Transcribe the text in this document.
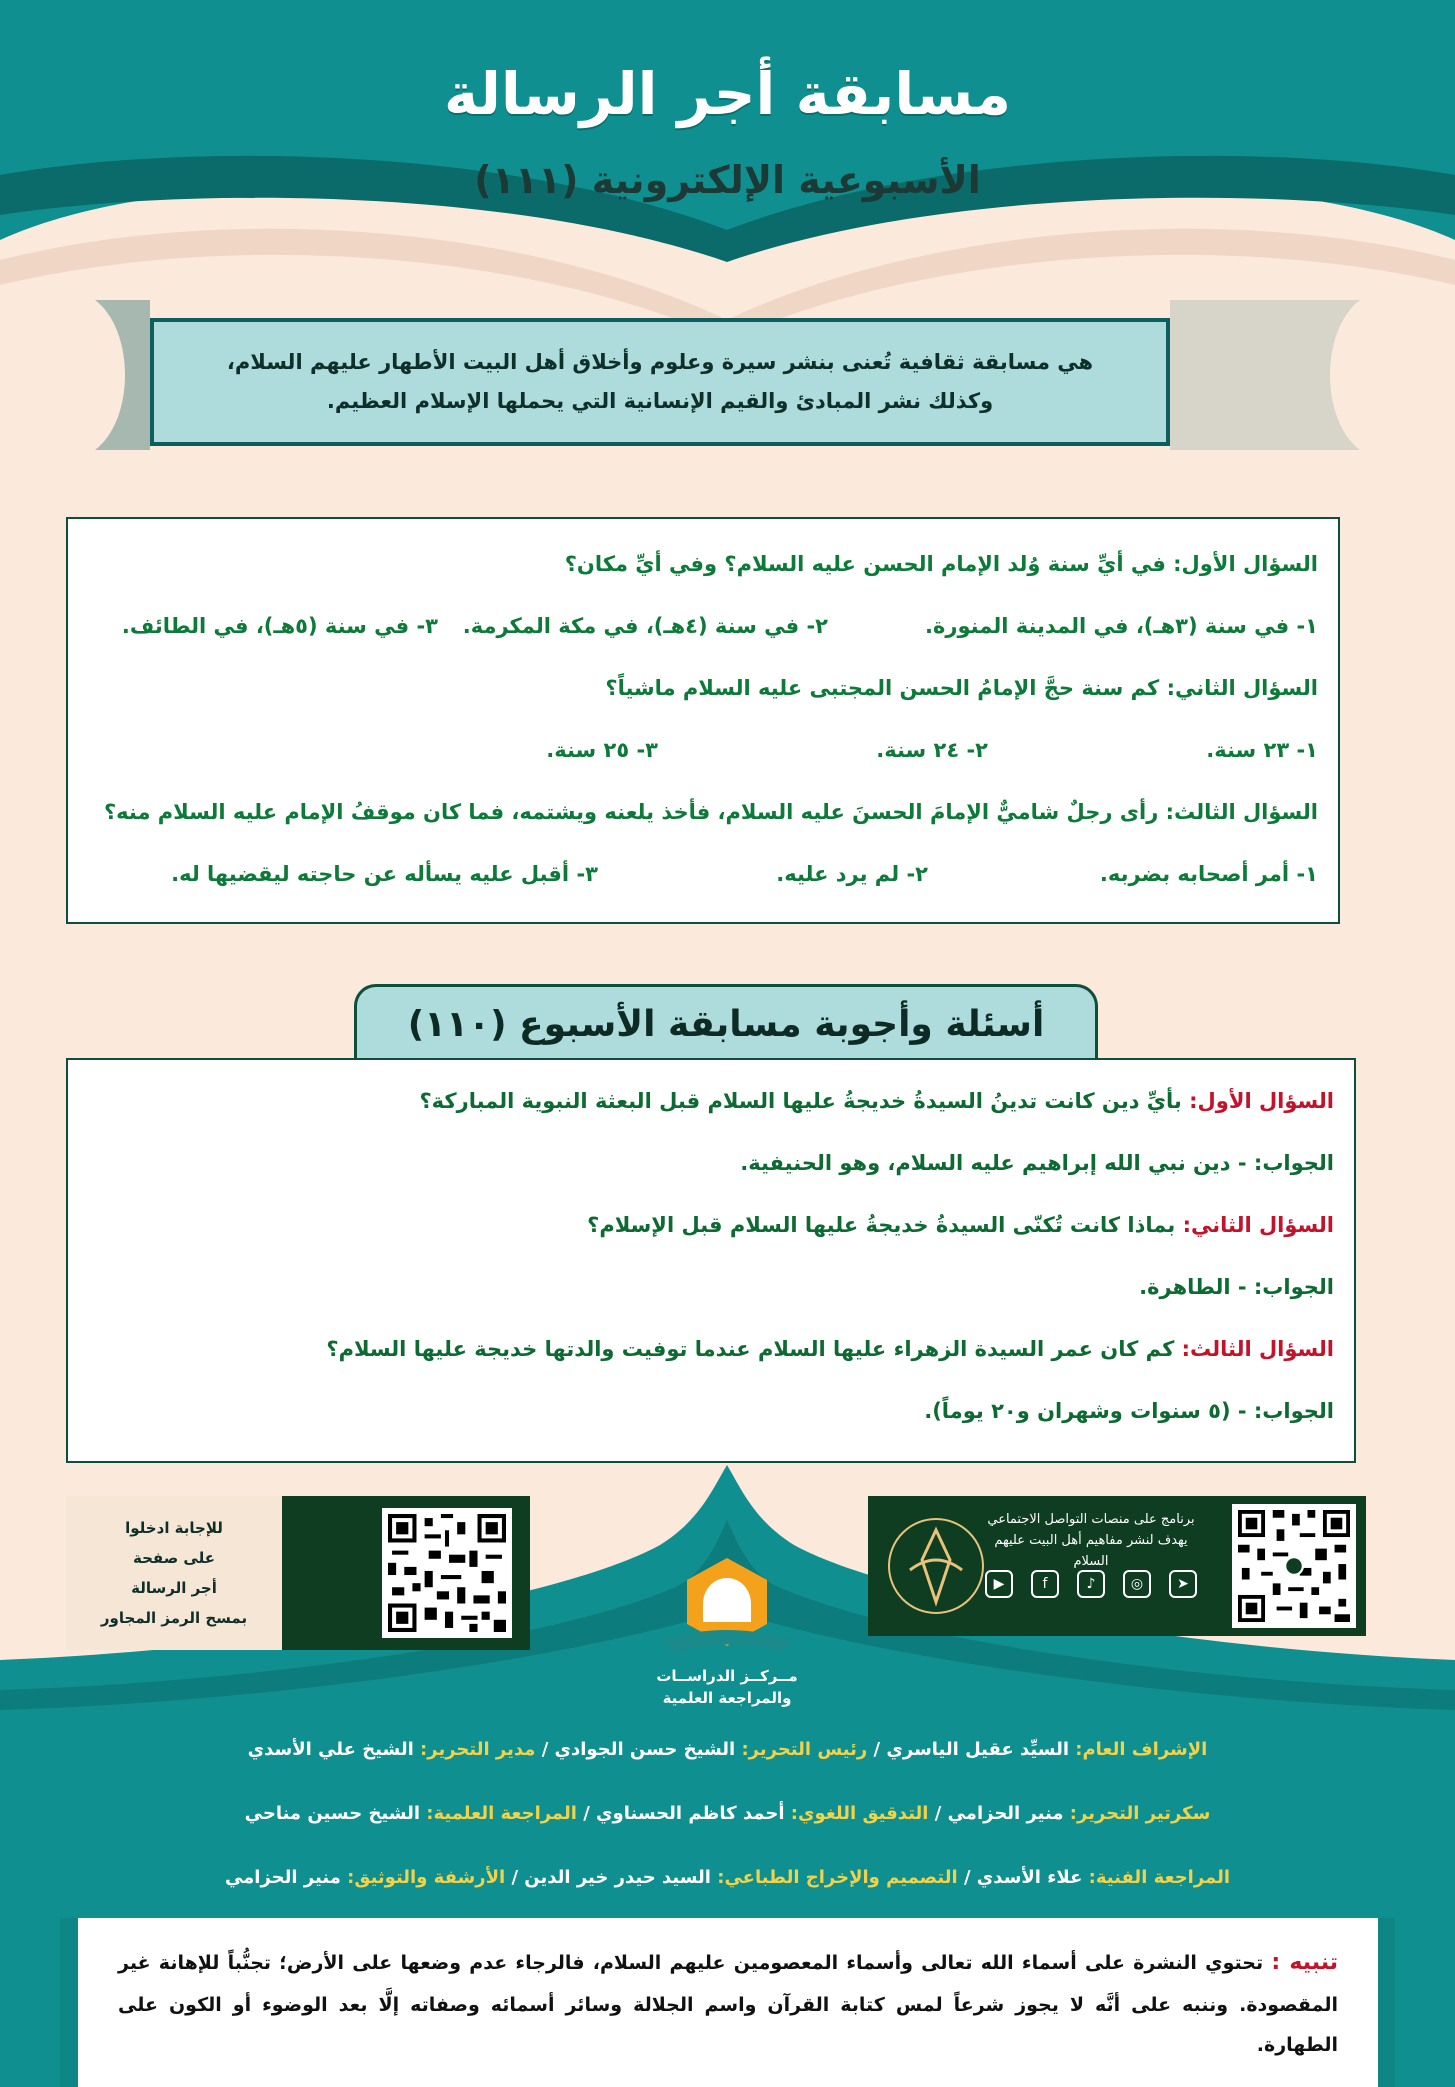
مسابقة أجر الرسالة
الأسبوعية الإلكترونية (١١١)

هي مسابقة ثقافية تُعنى بنشر سيرة وعلوم وأخلاق أهل البيت الأطهار عليهم السلام،

وكذلك نشر المبادئ والقيم الإنسانية التي يحملها الإسلام العظيم.

السؤال الأول: في أيِّ سنة وُلد الإمام الحسن عليه السلام؟ وفي أيِّ مكان؟
١- في سنة (٣هـ)، في المدينة المنورة.
٢- في سنة (٤هـ)، في مكة المكرمة.
٣- في سنة (٥هـ)، في الطائف.
السؤال الثاني: كم سنة حجَّ الإمامُ الحسن المجتبى عليه السلام ماشياً؟
١- ٢٣ سنة.
٢- ٢٤ سنة.
٣- ٢٥ سنة.
السؤال الثالث: رأى رجلٌ شاميٌّ الإمامَ الحسنَ عليه السلام، فأخذ يلعنه ويشتمه، فما كان موقفُ الإمام عليه السلام منه؟
١- أمر أصحابه بضربه.
٢- لم يرد عليه.
٣- أقبل عليه يسأله عن حاجته ليقضيها له.
أسئلة وأجوبة مسابقة الأسبوع (١١٠)
السؤال الأول: بأيِّ دين كانت تدينُ السيدةُ خديجةُ عليها السلام قبل البعثة النبوية المباركة؟
الجواب: - دين نبي الله إبراهيم عليه السلام، وهو الحنيفية.
السؤال الثاني: بماذا كانت تُكنّى السيدةُ خديجةُ عليها السلام قبل الإسلام؟
الجواب: - الطاهرة.
السؤال الثالث: كم كان عمر السيدة الزهراء عليها السلام عندما توفيت والدتها خديجة عليها السلام؟
الجواب: - (٥ سنوات وشهران و٢٠ يوماً).
للإجابة ادخلوا
على صفحة
أجر الرسالة
بمسح الرمز المجاور
برنامج على منصات التواصل الاجتماعي
يهدف لنشر مفاهيم أهل البيت عليهم السلام
➤
◎
♪
f
▶
مــركــز الدراســات
والمراجعة العلمية

الإشراف العام: السيِّد عقيل الياسري / رئيس التحرير: الشيخ حسن الجوادي / مدير التحرير: الشيخ علي الأسدي

سكرتير التحرير: منير الحزامي / التدقيق اللغوي: أحمد كاظم الحسناوي / المراجعة العلمية: الشيخ حسين مناحي

المراجعة الفنية: علاء الأسدي / التصميم والإخراج الطباعي: السيد حيدر خير الدين / الأرشفة والتوثيق: منير الحزامي

تنبيه : تحتوي النشرة على أسماء الله تعالى وأسماء المعصومين عليهم السلام، فالرجاء عدم وضعها على الأرض؛ تجنُّباً للإهانة غير المقصودة. وننبه على أنَّه لا يجوز شرعاً لمس كتابة القرآن واسم الجلالة وسائر أسمائه وصفاته إلَّا بعد الوضوء أو الكون على الطهارة.
